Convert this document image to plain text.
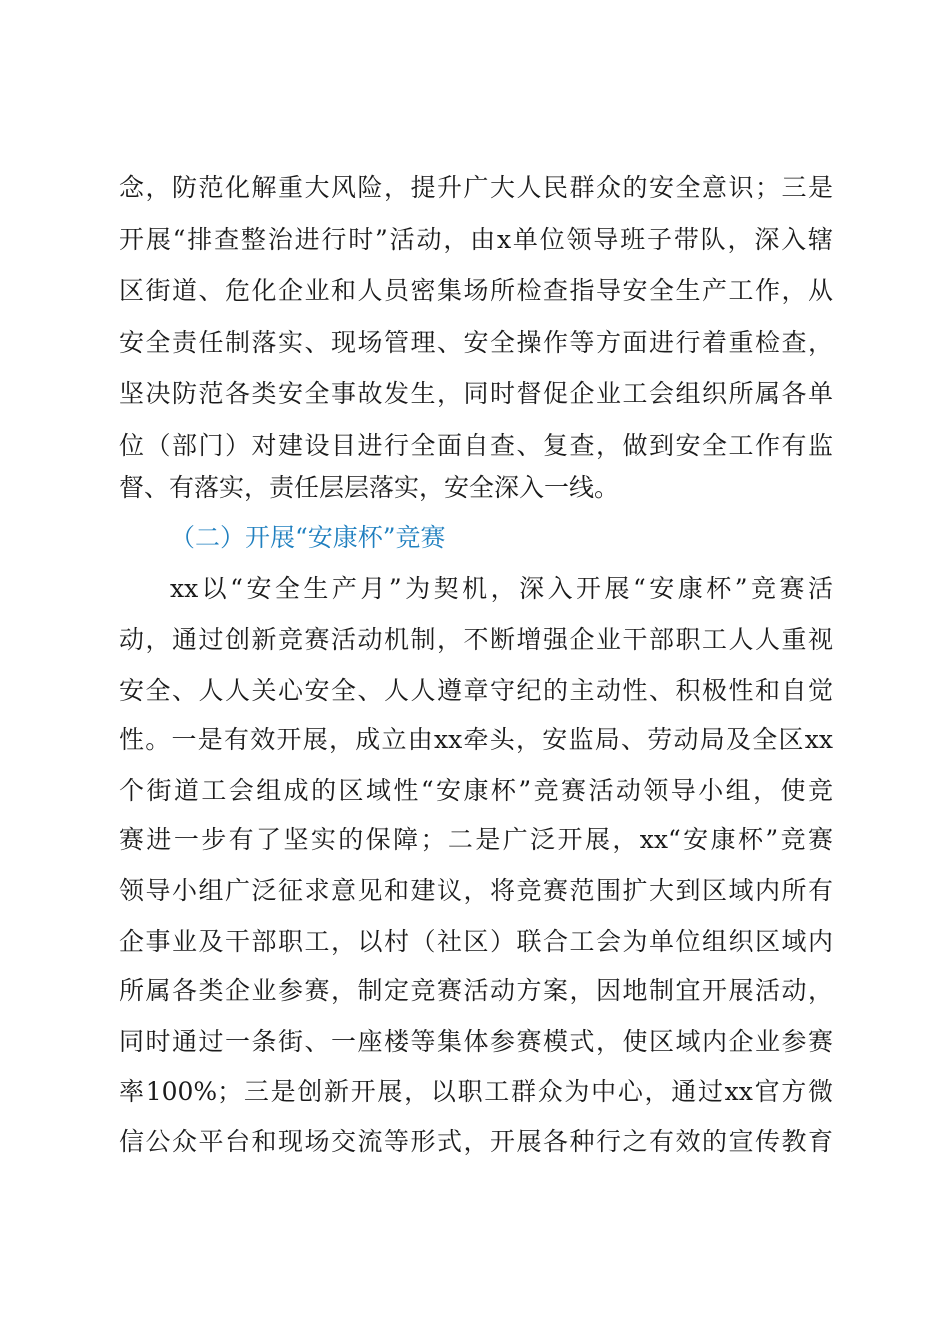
念，防范化解重大风险，提升广大人民群众的安全意识；三是
开展“排查整治进行时”活动，由x单位领导班子带队，深入辖
区街道、危化企业和人员密集场所检查指导安全生产工作，从
安全责任制落实、现场管理、安全操作等方面进行着重检查，
坚决防范各类安全事故发生，同时督促企业工会组织所属各单
位（部门）对建设目进行全面自查、复查，做到安全工作有监
督、有落实，责任层层落实，安全深入一线。
（二）开展“安康杯”竞赛
xx以“安全生产月”为契机，深入开展“安康杯”竞赛活
动，通过创新竞赛活动机制，不断增强企业干部职工人人重视
安全、人人关心安全、人人遵章守纪的主动性、积极性和自觉
性。一是有效开展，成立由xx牵头，安监局、劳动局及全区xx
个街道工会组成的区域性“安康杯”竞赛活动领导小组，使竞
赛进一步有了坚实的保障；二是广泛开展，xx“安康杯”竞赛
领导小组广泛征求意见和建议，将竞赛范围扩大到区域内所有
企事业及干部职工，以村（社区）联合工会为单位组织区域内
所属各类企业参赛，制定竞赛活动方案，因地制宜开展活动，
同时通过一条街、一座楼等集体参赛模式，使区域内企业参赛
率100%；三是创新开展，以职工群众为中心，通过xx官方微
信公众平台和现场交流等形式，开展各种行之有效的宣传教育
